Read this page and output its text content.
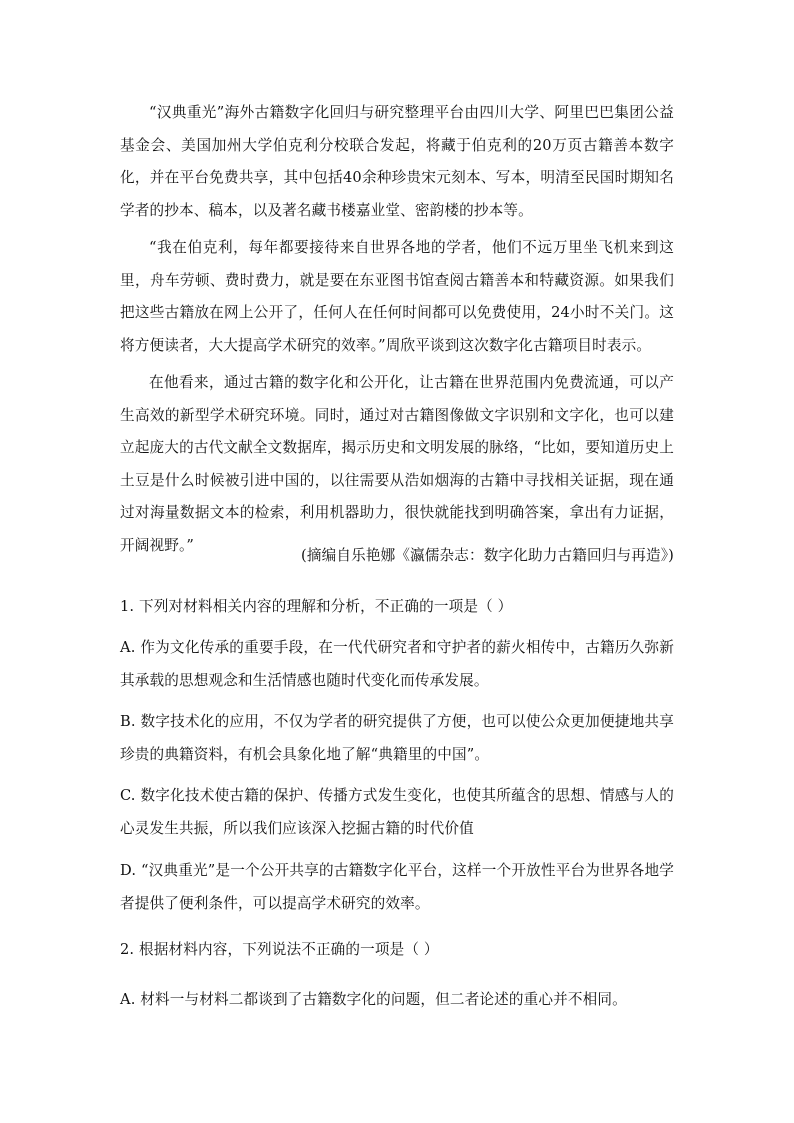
“汉典重光”海外古籍数字化回归与研究整理平台由四川大学、阿里巴巴集团公益基金会、美国加州大学伯克利分校联合发起，将藏于伯克利的20万页古籍善本数字化，并在平台免费共享，其中包括40余种珍贵宋元刻本、写本，明清至民国时期知名学者的抄本、稿本，以及著名藏书楼嘉业堂、密韵楼的抄本等。

“我在伯克利，每年都要接待来自世界各地的学者，他们不远万里坐飞机来到这里，舟车劳顿、费时费力，就是要在东亚图书馆查阅古籍善本和特藏资源。如果我们把这些古籍放在网上公开了，任何人在任何时间都可以免费使用，24小时不关门。这将方便读者，大大提高学术研究的效率。”周欣平谈到这次数字化古籍项目时表示。

在他看来，通过古籍的数字化和公开化，让古籍在世界范围内免费流通，可以产生高效的新型学术研究环境。同时，通过对古籍图像做文字识别和文字化，也可以建立起庞大的古代文献全文数据库，揭示历史和文明发展的脉络，“比如，要知道历史上土豆是什么时候被引进中国的，以往需要从浩如烟海的古籍中寻找相关证据，现在通过对海量数据文本的检索，利用机器助力，很快就能找到明确答案，拿出有力证据，开阔视野。”

(摘编自乐艳娜《瀛儒杂志：数字化助力古籍回归与再造》)

1. 下列对材料相关内容的理解和分析，不正确的一项是（ ）

A. 作为文化传承的重要手段，在一代代研究者和守护者的薪火相传中，古籍历久弥新其承载的思想观念和生活情感也随时代变化而传承发展。

B. 数字技术化的应用，不仅为学者的研究提供了方便，也可以使公众更加便捷地共享珍贵的典籍资料，有机会具象化地了解“典籍里的中国”。

C. 数字化技术使古籍的保护、传播方式发生变化，也使其所蕴含的思想、情感与人的心灵发生共振，所以我们应该深入挖掘古籍的时代价值

D. “汉典重光”是一个公开共享的古籍数字化平台，这样一个开放性平台为世界各地学者提供了便利条件，可以提高学术研究的效率。

2. 根据材料内容，下列说法不正确的一项是（ ）

A. 材料一与材料二都谈到了古籍数字化的问题，但二者论述的重心并不相同。
